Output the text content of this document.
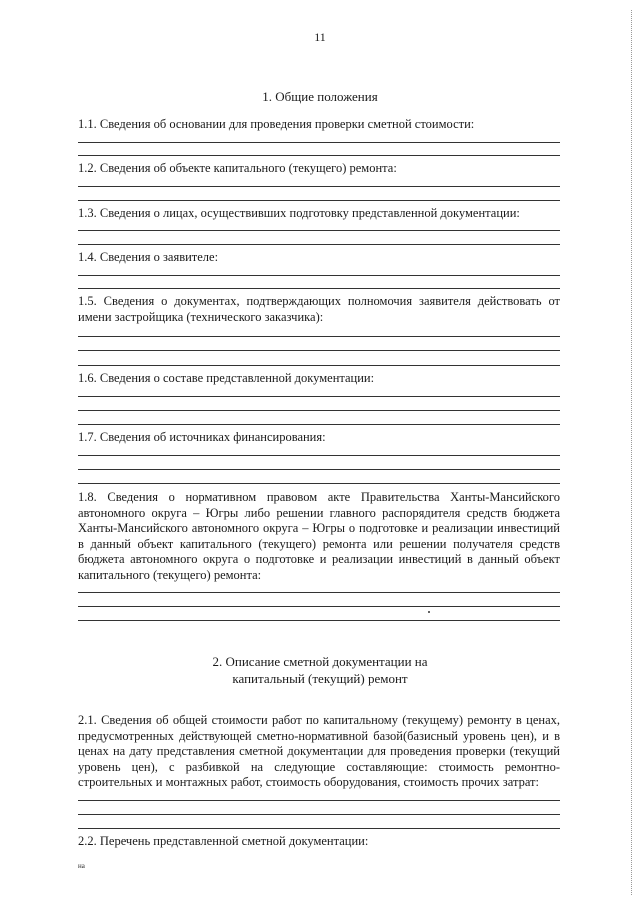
11
1. Общие положения
1.1. Сведения об основании для проведения проверки сметной стоимости:
1.2. Сведения об объекте капитального (текущего) ремонта:
1.3. Сведения о лицах, осуществивших подготовку представленной документации:
1.4. Сведения о заявителе:
1.5. Сведения о документах, подтверждающих полномочия заявителя действовать от имени застройщика (технического заказчика):
1.6. Сведения о составе представленной документации:
1.7. Сведения об источниках финансирования:
1.8. Сведения о нормативном правовом акте Правительства Ханты-Мансийского автономного округа – Югры либо решении главного распорядителя средств бюджета Ханты-Мансийского автономного округа – Югры о подготовке и реализации инвестиций в данный объект капитального (текущего) ремонта или решении получателя средств бюджета автономного округа о подготовке и реализации инвестиций в данный объект капитального (текущего) ремонта:
2. Описание сметной документации на
капитальный (текущий) ремонт
2.1. Сведения об общей стоимости работ по капитальному (текущему) ремонту в ценах, предусмотренных действующей сметно-нормативной базой(базисный уровень цен), и в ценах на дату представления сметной документации для проведения проверки (текущий уровень цен), с разбивкой на следующие составляющие: стоимость ремонтно-строительных и монтажных работ, стоимость оборудования, стоимость прочих затрат:
2.2. Перечень представленной сметной документации:
на
